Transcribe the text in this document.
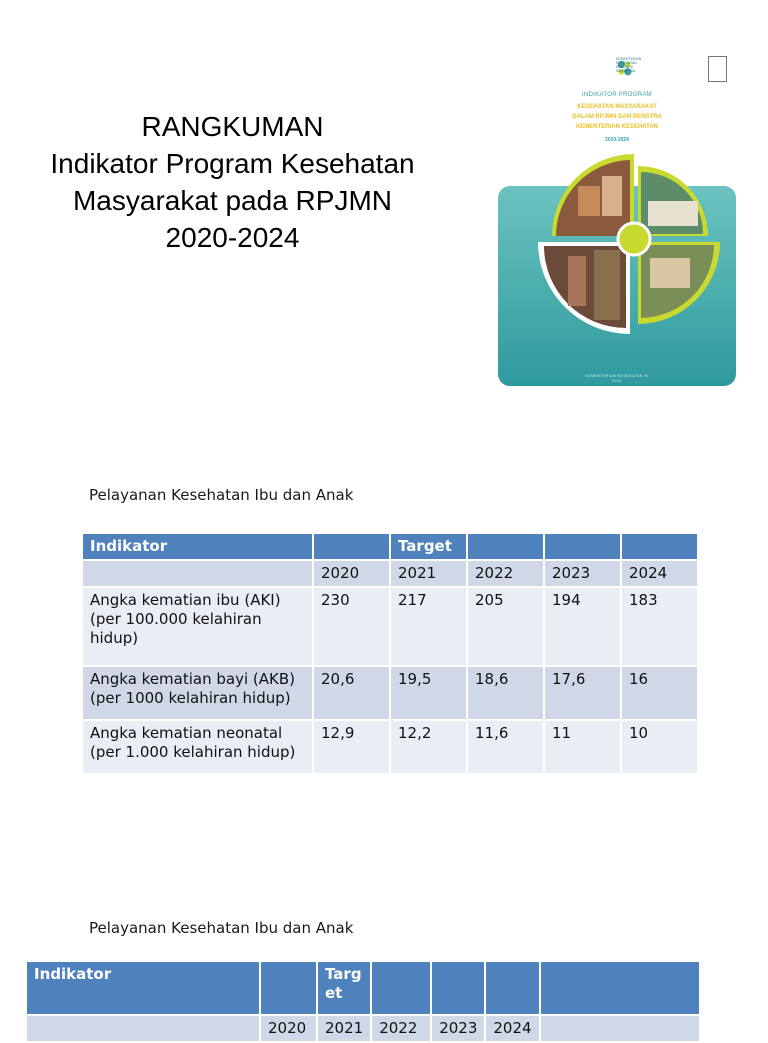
RANGKUMAN
Indikator Program Kesehatan
Masyarakat pada RPJMN
2020-2024
KEMENTERIAN
KESEHATAN
REPUBLIK
INDONESIA
INDIKATOR PROGRAM
KESEHATAN MASYARAKAT
DALAM RPJMN DAN RENSTRA
KEMENTERIAN KESEHATAN
2020-2024
KEMENTERIAN KESEHATAN RI
2020
Pelayanan Kesehatan Ibu dan Anak
Indikator		Target			
	2020	2021	2022	2023	2024
Angka kematian ibu (AKI) (per 100.000 kelahiran hidup)	230	217	205	194	183
Angka kematian bayi (AKB) (per 1000 kelahiran hidup)	20,6	19,5	18,6	17,6	16
Angka kematian neonatal (per 1.000 kelahiran hidup)	12,9	12,2	11,6	11	10
Pelayanan Kesehatan Ibu dan Anak
Indikator		Target				
	2020	2021	2022	2023	2024	
